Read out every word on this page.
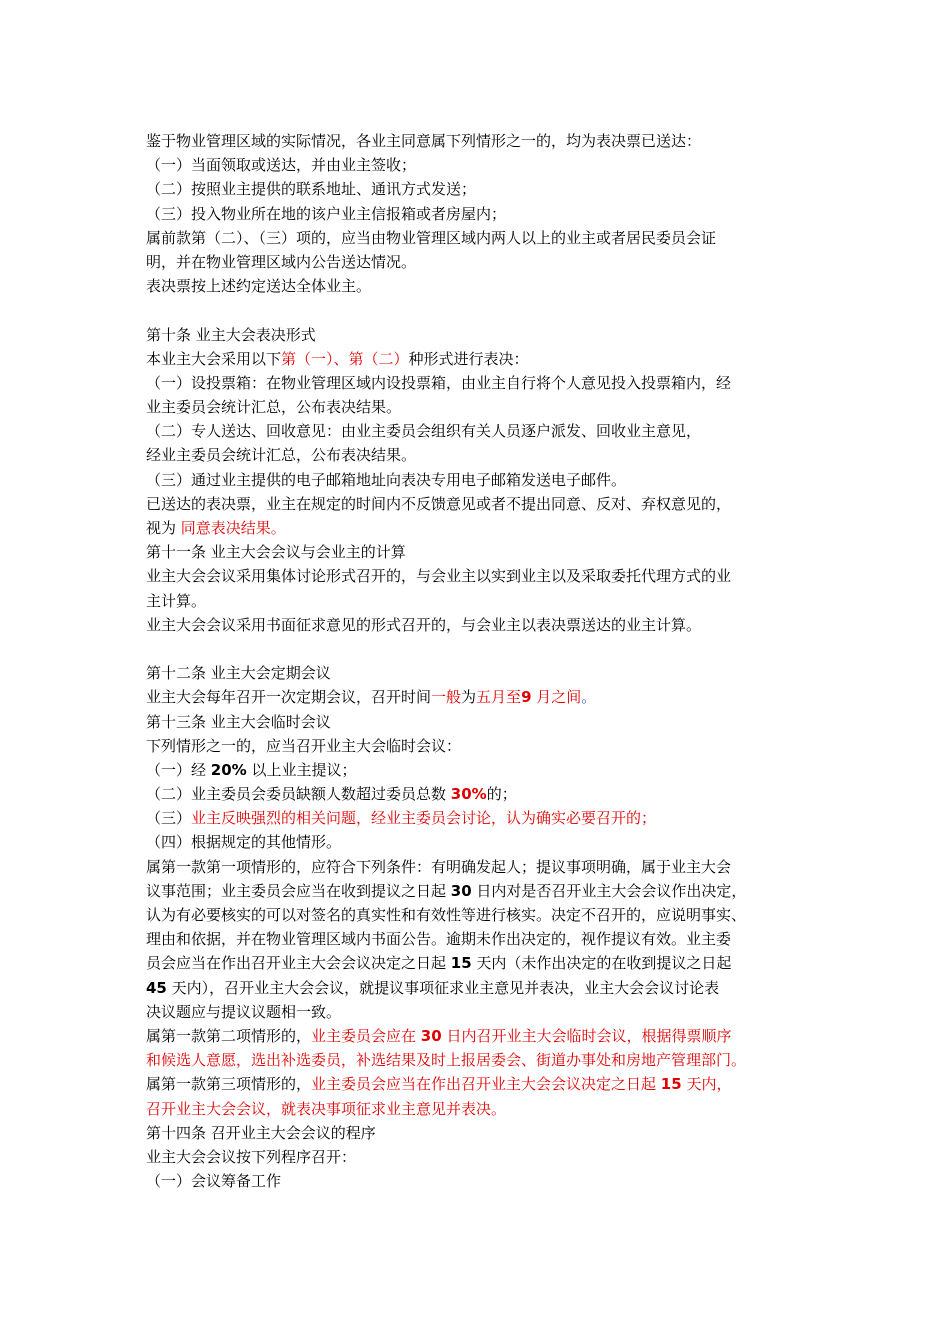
鉴于物业管理区域的实际情况，各业主同意属下列情形之一的，均为表决票已送达：
（一）当面领取或送达，并由业主签收；
（二）按照业主提供的联系地址、通讯方式发送；
（三）投入物业所在地的该户业主信报箱或者房屋内；
属前款第（二）、（三）项的，应当由物业管理区域内两人以上的业主或者居民委员会证
明，并在物业管理区域内公告送达情况。
表决票按上述约定送达全体业主。
第十条 业主大会表决形式
本业主大会采用以下第（一）、第（二）种形式进行表决：
（一）设投票箱：在物业管理区域内设投票箱，由业主自行将个人意见投入投票箱内，经
业主委员会统计汇总，公布表决结果。
（二）专人送达、回收意见：由业主委员会组织有关人员逐户派发、回收业主意见，
经业主委员会统计汇总，公布表决结果。
（三）通过业主提供的电子邮箱地址向表决专用电子邮箱发送电子邮件。
已送达的表决票，业主在规定的时间内不反馈意见或者不提出同意、反对、弃权意见的，
视为 同意表决结果。
第十一条 业主大会会议与会业主的计算
业主大会会议采用集体讨论形式召开的，与会业主以实到业主以及采取委托代理方式的业
主计算。
业主大会会议采用书面征求意见的形式召开的，与会业主以表决票送达的业主计算。
第十二条 业主大会定期会议
业主大会每年召开一次定期会议，召开时间一般为五月至9 月之间。
第十三条 业主大会临时会议
下列情形之一的，应当召开业主大会临时会议：
（一）经 20% 以上业主提议；
（二）业主委员会委员缺额人数超过委员总数 30%的；
（三）业主反映强烈的相关问题，经业主委员会讨论，认为确实必要召开的；
（四）根据规定的其他情形。
属第一款第一项情形的，应符合下列条件：有明确发起人；提议事项明确，属于业主大会
议事范围；业主委员会应当在收到提议之日起 30 日内对是否召开业主大会会议作出决定，
认为有必要核实的可以对签名的真实性和有效性等进行核实。决定不召开的，应说明事实、
理由和依据，并在物业管理区域内书面公告。逾期未作出决定的，视作提议有效。业主委
员会应当在作出召开业主大会会议决定之日起 15 天内（未作出决定的在收到提议之日起
45 天内），召开业主大会会议，就提议事项征求业主意见并表决，业主大会会议讨论表
决议题应与提议议题相一致。
属第一款第二项情形的，业主委员会应在 30 日内召开业主大会临时会议，根据得票顺序
和候选人意愿，选出补选委员，补选结果及时上报居委会、街道办事处和房地产管理部门。
属第一款第三项情形的，业主委员会应当在作出召开业主大会会议决定之日起 15 天内，
召开业主大会会议，就表决事项征求业主意见并表决。
第十四条 召开业主大会会议的程序
业主大会会议按下列程序召开：
（一）会议筹备工作
